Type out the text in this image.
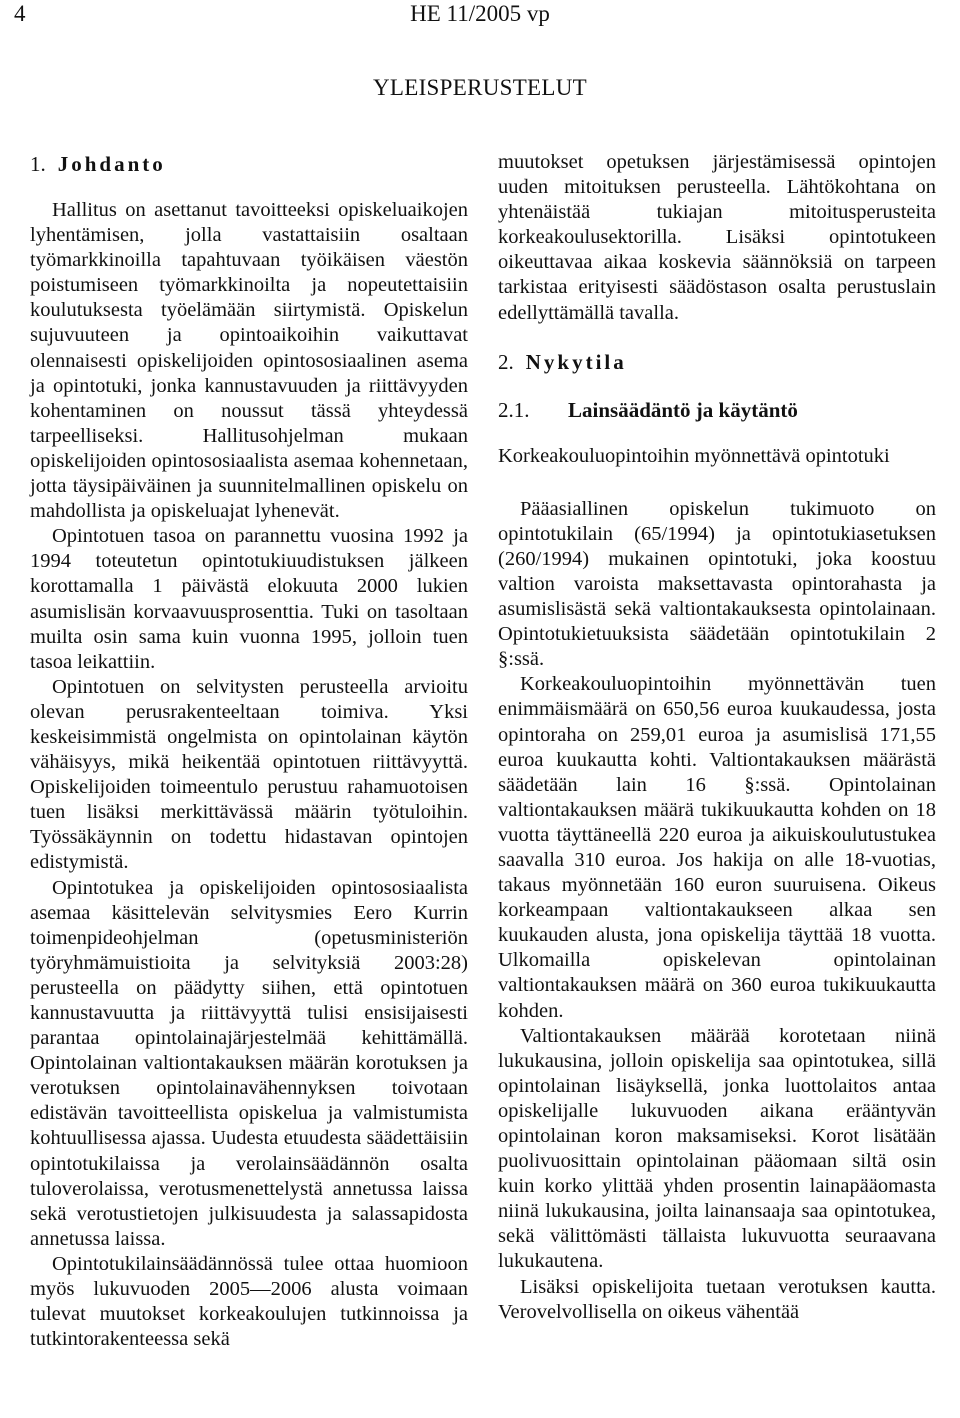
4	HE 11/2005 vp
YLEISPERUSTELUT
1. Johdanto

Hallitus on asettanut tavoitteeksi opiskeluaikojen lyhentämisen, jolla vastattaisiin osaltaan työmarkkinoilla tapahtuvaan työikäisen väestön poistumiseen työmarkkinoilta ja nopeutettaisiin koulutuksesta työelämään siirtymistä. Opiskelun sujuvuuteen ja opintoaikoihin vaikuttavat olennaisesti opiskelijoiden opintososiaalinen asema ja opintotuki, jonka kannustavuuden ja riittävyyden kohentaminen on noussut tässä yhteydessä tarpeelliseksi. Hallitusohjelman mukaan opiskelijoiden opintososiaalista asemaa kohennetaan, jotta täysipäiväinen ja suunnitelmallinen opiskelu on mahdollista ja opiskeluajat lyhenevät.

Opintotuen tasoa on parannettu vuosina 1992 ja 1994 toteutetun opintotukiuudistuksen jälkeen korottamalla 1 päivästä elokuuta 2000 lukien asumislisän korvaavuusprosenttia. Tuki on tasoltaan muilta osin sama kuin vuonna 1995, jolloin tuen tasoa leikattiin.

Opintotuen on selvitysten perusteella arvioitu olevan perusrakenteeltaan toimiva. Yksi keskeisimmistä ongelmista on opintolainan käytön vähäisyys, mikä heikentää opintotuen riittävyyttä. Opiskelijoiden toimeentulo perustuu rahamuotoisen tuen lisäksi merkittävässä määrin työtuloihin. Työssäkäynnin on todettu hidastavan opintojen edistymistä.

Opintotukea ja opiskelijoiden opintososiaalista asemaa käsittelevän selvitysmies Eero Kurrin toimenpideohjelman (opetusministeriön työryhmämuistioita ja selvityksiä 2003:28) perusteella on päädytty siihen, että opintotuen kannustavuutta ja riittävyyttä tulisi ensisijaisesti parantaa opintolainajärjestelmää kehittämällä. Opintolainan valtiontakauksen määrän korotuksen ja verotuksen opintolainavähennyksen toivotaan edistävän tavoitteellista opiskelua ja valmistumista kohtuullisessa ajassa. Uudesta etuudesta säädettäisiin opintotukilaissa ja verolainsäädännön osalta tuloverolaissa, verotusmenettelystä annetussa laissa sekä verotustietojen julkisuudesta ja salassapidosta annetussa laissa.

Opintotukilainsäädännössä tulee ottaa huomioon myös lukuvuoden 2005—2006 alusta voimaan tulevat muutokset korkeakoulujen tutkinnoissa ja tutkintorakenteessa sekä

muutokset opetuksen järjestämisessä opintojen uuden mitoituksen perusteella. Lähtökohtana on yhtenäistää tukiajan mitoitusperusteita korkeakoulusektorilla. Lisäksi opintotukeen oikeuttavaa aikaa koskevia säännöksiä on tarpeen tarkistaa erityisesti säädöstason osalta perustuslain edellyttämällä tavalla.

2. Nykytila
2.1. Lainsäädäntö ja käytäntö
Korkeakouluopintoihin myönnettävä opintotuki

Pääasiallinen opiskelun tukimuoto on opintotukilain (65/1994) ja opintotukiasetuksen (260/1994) mukainen opintotuki, joka koostuu valtion varoista maksettavasta opintorahasta ja asumislisästä sekä valtiontakauksesta opintolainaan. Opintotukietuuksista säädetään opintotukilain 2 §:ssä.

Korkeakouluopintoihin myönnettävän tuen enimmäismäärä on 650,56 euroa kuukaudessa, josta opintoraha on 259,01 euroa ja asumislisä 171,55 euroa kuukautta kohti. Valtiontakauksen määrästä säädetään lain 16 §:ssä. Opintolainan valtiontakauksen määrä tukikuukautta kohden on 18 vuotta täyttäneellä 220 euroa ja aikuiskoulutustukea saavalla 310 euroa. Jos hakija on alle 18-vuotias, takaus myönnetään 160 euron suuruisena. Oikeus korkeampaan valtiontakaukseen alkaa sen kuukauden alusta, jona opiskelija täyttää 18 vuotta. Ulkomailla opiskelevan opintolainan valtiontakauksen määrä on 360 euroa tukikuukautta kohden.

Valtiontakauksen määrää korotetaan niinä lukukausina, jolloin opiskelija saa opintotukea, sillä opintolainan lisäyksellä, jonka luottolaitos antaa opiskelijalle lukuvuoden aikana erääntyvän opintolainan koron maksamiseksi. Korot lisätään puolivuosittain opintolainan pääomaan siltä osin kuin korko ylittää yhden prosentin lainapääomasta niinä lukukausina, joilta lainansaaja saa opintotukea, sekä välittömästi tällaista lukuvuotta seuraavana lukukautena.

Lisäksi opiskelijoita tuetaan verotuksen kautta. Verovelvollisella on oikeus vähentää
